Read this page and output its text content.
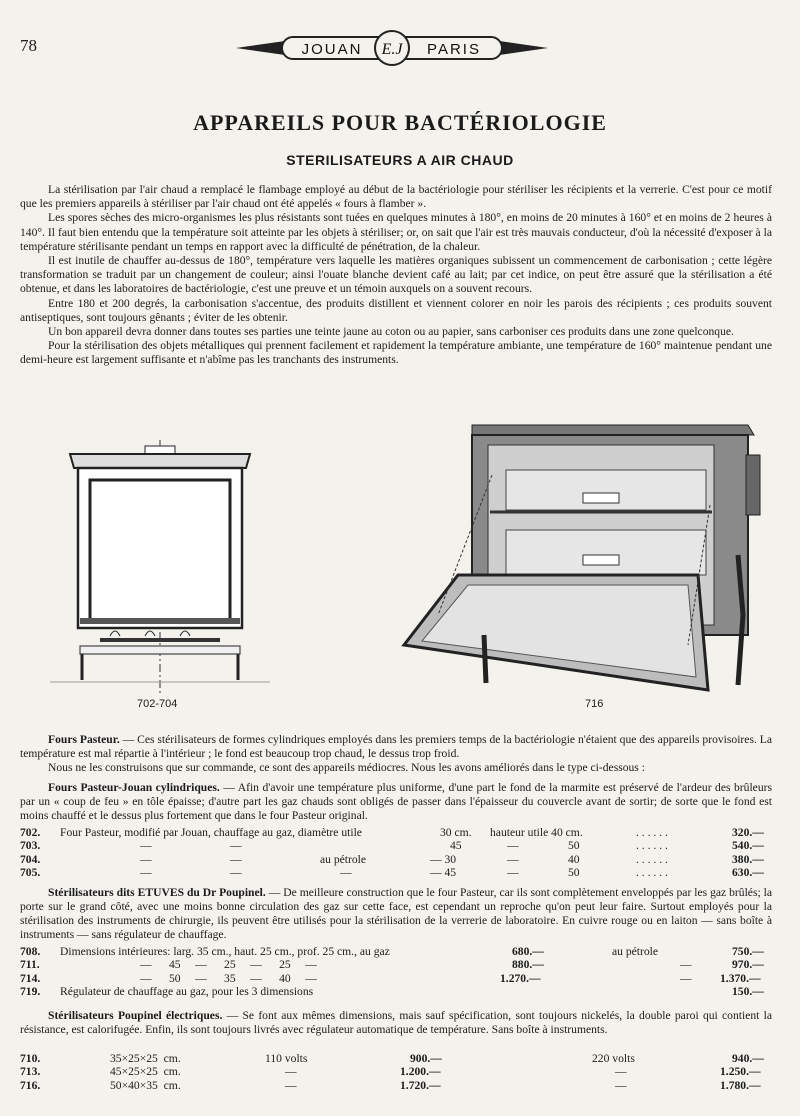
78	JOUAN E.J PARIS
APPAREILS POUR BACTÉRIOLOGIE
STERILISATEURS A AIR CHAUD

La stérilisation par l'air chaud a remplacé le flambage employé au début de la bactériologie pour stériliser les récipients et la verrerie. C'est pour ce motif que les premiers appareils à stériliser par l'air chaud ont été appelés « fours à flamber ».

Les spores sèches des micro-organismes les plus résistants sont tuées en quelques minutes à 180°, en moins de 20 minutes à 160° et en moins de 2 heures à 140°. Il faut bien entendu que la température soit atteinte par les objets à stériliser; or, on sait que l'air est très mauvais conducteur, d'où la nécessité d'exposer à la température stérilisante pendant un temps en rapport avec la difficulté de pénétration, de la chaleur.

Il est inutile de chauffer au-dessus de 180°, température vers laquelle les matières organiques subissent un commencement de carbonisation ; cette légère transformation se traduit par un changement de couleur; ainsi l'ouate blanche devient café au lait; par cet indice, on peut être assuré que la stérilisation a été obtenue, et dans les laboratoires de bactériologie, c'est une preuve et un témoin auxquels on a souvent recours.

Entre 180 et 200 degrés, la carbonisation s'accentue, des produits distillent et viennent colorer en noir les parois des récipients ; ces produits souvent antiseptiques, sont toujours gênants ; éviter de les obtenir.

Un bon appareil devra donner dans toutes ses parties une teinte jaune au coton ou au papier, sans carboniser ces produits dans une zone quelconque.

Pour la stérilisation des objets métalliques qui prennent facilement et rapidement la température ambiante, une température de 160° maintenue pendant une demi-heure est largement suffisante et n'abîme pas les tranchants des instruments.

702-704	716

Fours Pasteur. — Ces stérilisateurs de formes cylindriques employés dans les premiers temps de la bactériologie n'étaient que des appareils provisoires. La température est mal répartie à l'intérieur ; le fond est beaucoup trop chaud, le dessus trop froid.

Nous ne les construisons que sur commande, ce sont des appareils médiocres. Nous les avons améliorés dans le type ci-dessous :

Fours Pasteur-Jouan cylindriques. — Afin d'avoir une température plus uniforme, d'une part le fond de la marmite est préservé de l'ardeur des brûleurs par un « coup de feu » en tôle épaisse; d'autre part les gaz chauds sont obligés de passer dans l'épaisseur du couvercle avant de sortir; de sorte que le fond est moins chauffé et le dessus plus fortement que dans le four Pasteur original.

702. Four Pasteur, modifié par Jouan, chauffage au gaz, diamètre utile	30 cm. hauteur utile 40 cm.	. . . . . .	320.—
703.	—	—	45	—	50	. . . . . .	540.—
704.	—	—	au pétrole	— 30	—	40	. . . . . .	380.—
705.	—	—	—	— 45	—	50	. . . . . .	630.—

Stérilisateurs dits ETUVES du Dr Poupinel. — De meilleure construction que le four Pasteur, car ils sont complètement enveloppés par les gaz brûlés; la porte sur le grand côté, avec une moins bonne circulation des gaz sur cette face, est cependant un reproche qu'on peut leur faire. Surtout employés pour la stérilisation des instruments de chirurgie, ils peuvent être utilisés pour la stérilisation de la verrerie de laboratoire. En cuivre rouge ou en laiton — sans boîte à instruments — sans régulateur de chauffage.

708. Dimensions intérieures: larg. 35 cm., haut. 25 cm., prof. 25 cm., au gaz	680.—	au pétrole	750.—
711.	—      45     —      25     —      25     —	880.—	—	970.—
714.	—      50     —      35     —      40     —	1.270.—	— 1.370.—
719. Régulateur de chauffage au gaz, pour les 3 dimensions	150.—

Stérilisateurs Poupinel électriques. — Se font aux mêmes dimensions, mais sauf spécification, sont toujours nickelés, la double paroi qui contient la résistance, est calorifugée. Enfin, ils sont toujours livrés avec régulateur automatique de température. Sans boîte à instruments.

710.	35×25×25  cm.	110 volts	900.—	220 volts	940.—
713.	45×25×25  cm.	—	1.200.—	—	1.250.—
716.	50×40×35  cm.	—	1.720.—	—	1.780.—
